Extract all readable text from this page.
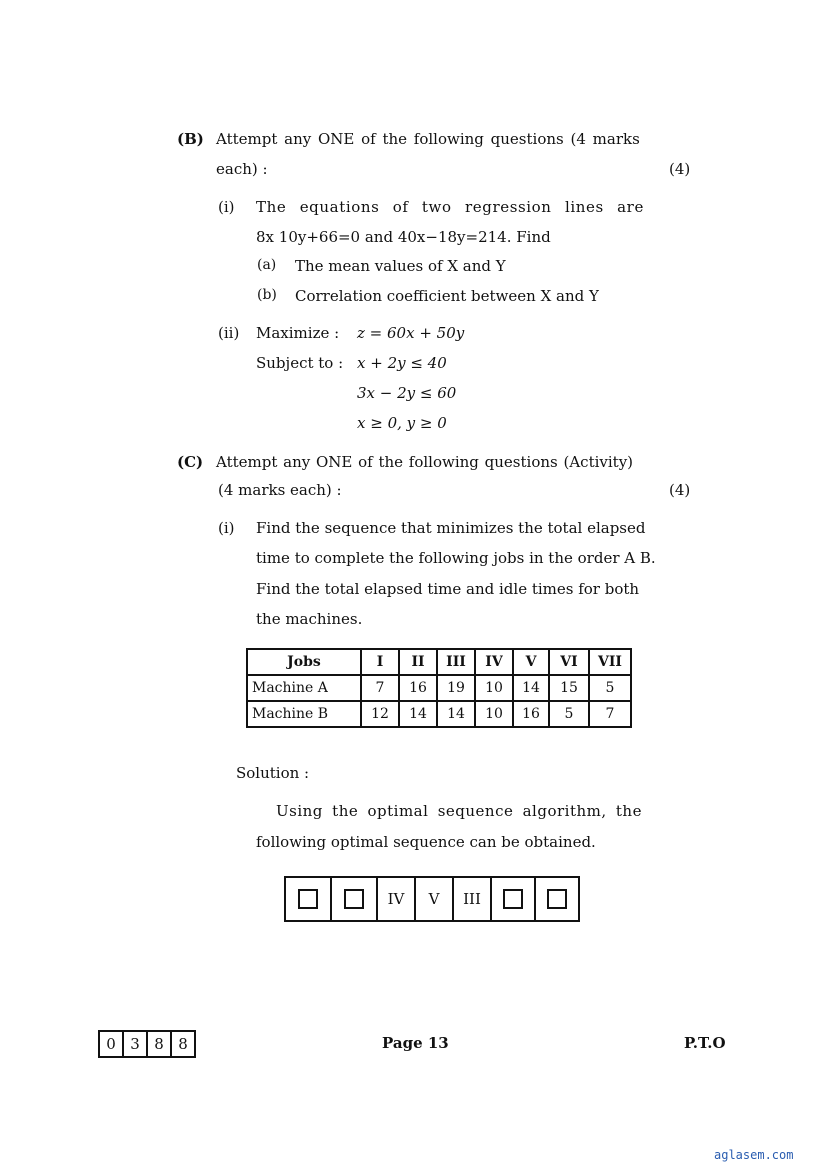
(B) Attempt any ONE of the following questions (4 marks
each) :	(4)
(i) The equations of two regression lines are
8x 10y+66=0 and 40x−18y=214. Find
(a) The mean values of X and Y
(b) Correlation coefficient between X and Y
(ii) Maximize : z = 60x + 50y
Subject to : x + 2y ≤ 40
3x − 2y ≤ 60
x ≥ 0, y ≥ 0
(C) Attempt any ONE of the following questions (Activity)
(4 marks each) :	(4)
(i) Find the sequence that minimizes the total elapsed
time to complete the following jobs in the order A B.
Find the total elapsed time and idle times for both
the machines.
Jobs	I	II	III	IV	V	VI	VII
Machine A	7	16	19	10	14	15	5
Machine B	12	14	14	10	16	5	7
Solution :
Using the optimal sequence algorithm, the
following optimal sequence can be obtained.
IV	V	III
0 3 8 8	Page 13	P.T.O
aglasem.com
